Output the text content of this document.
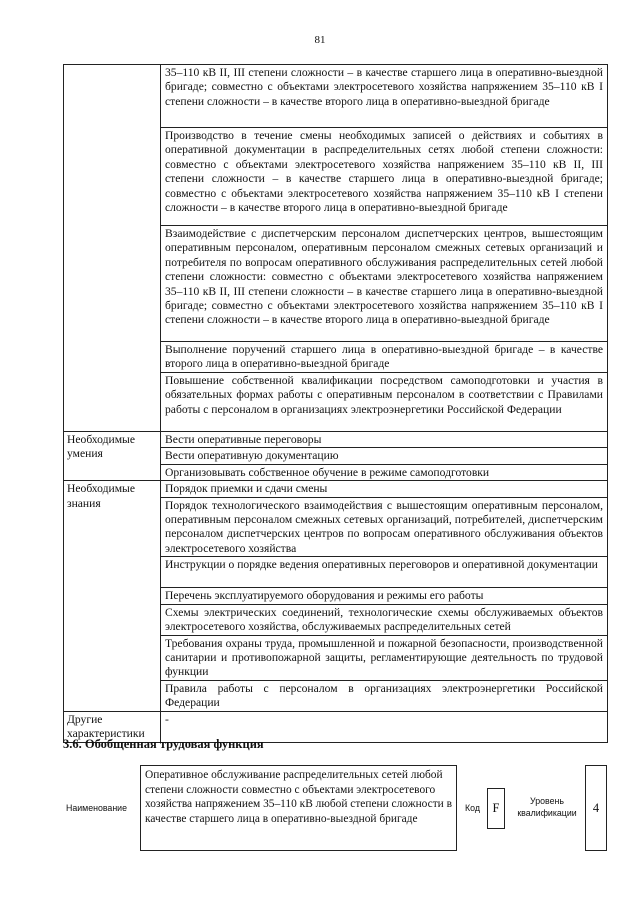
81
	35–110 кВ II, III степени сложности – в качестве старшего лица в оперативно-выездной бригаде; совместно с объектами электросетевого хозяйства напряжением 35–110 кВ I степени сложности – в качестве второго лица в оперативно-выездной бригаде
	Производство в течение смены необходимых записей о действиях и событиях в оперативной документации в распределительных сетях любой степени сложности: совместно с объектами электросетевого хозяйства напряжением 35–110 кВ II, III степени сложности – в качестве старшего лица в оперативно-выездной бригаде; совместно с объектами электросетевого хозяйства напряжением 35–110 кВ I степени сложности – в качестве второго лица в оперативно-выездной бригаде
	Взаимодействие с диспетчерским персоналом диспетчерских центров, вышестоящим оперативным персоналом, оперативным персоналом смежных сетевых организаций и потребителя по вопросам оперативного обслуживания распределительных сетей любой степени сложности: совместно с объектами электросетевого хозяйства напряжением 35–110 кВ II, III степени сложности – в качестве старшего лица в оперативно-выездной бригаде; совместно с объектами электросетевого хозяйства напряжением 35–110 кВ I степени сложности – в качестве второго лица в оперативно-выездной бригаде
	Выполнение поручений старшего лица в оперативно-выездной бригаде – в качестве второго лица в оперативно-выездной бригаде
	Повышение собственной квалификации посредством самоподготовки и участия в обязательных формах работы с оперативным персоналом в соответствии с Правилами работы с персоналом в организациях электроэнергетики Российской Федерации
Необходимые умения	Вести оперативные переговоры
	Вести оперативную документацию
	Организовывать собственное обучение в режиме самоподготовки
Необходимые знания	Порядок приемки и сдачи смены
	Порядок технологического взаимодействия с вышестоящим оперативным персоналом, оперативным персоналом смежных сетевых организаций, потребителей, диспетчерским персоналом диспетчерских центров по вопросам оперативного обслуживания объектов электросетевого хозяйства
	Инструкции о порядке ведения оперативных переговоров и оперативной документации
	Перечень эксплуатируемого оборудования и режимы его работы
	Схемы электрических соединений, технологические схемы обслуживаемых объектов электросетевого хозяйства, обслуживаемых распределительных сетей
	Требования охраны труда, промышленной и пожарной безопасности, производственной санитарии и противопожарной защиты, регламентирующие деятельность по трудовой функции
	Правила работы с персоналом в организациях электроэнергетики Российской Федерации
Другие характеристики	-
3.6. Обобщенная трудовая функция
Наименование
Оперативное обслуживание распределительных сетей любой степени сложности совместно с объектами электросетевого хозяйства напряжением 35–110 кВ любой степени сложности в качестве старшего лица в оперативно-выездной бригаде
Код	F	Уровень квалификации	4
